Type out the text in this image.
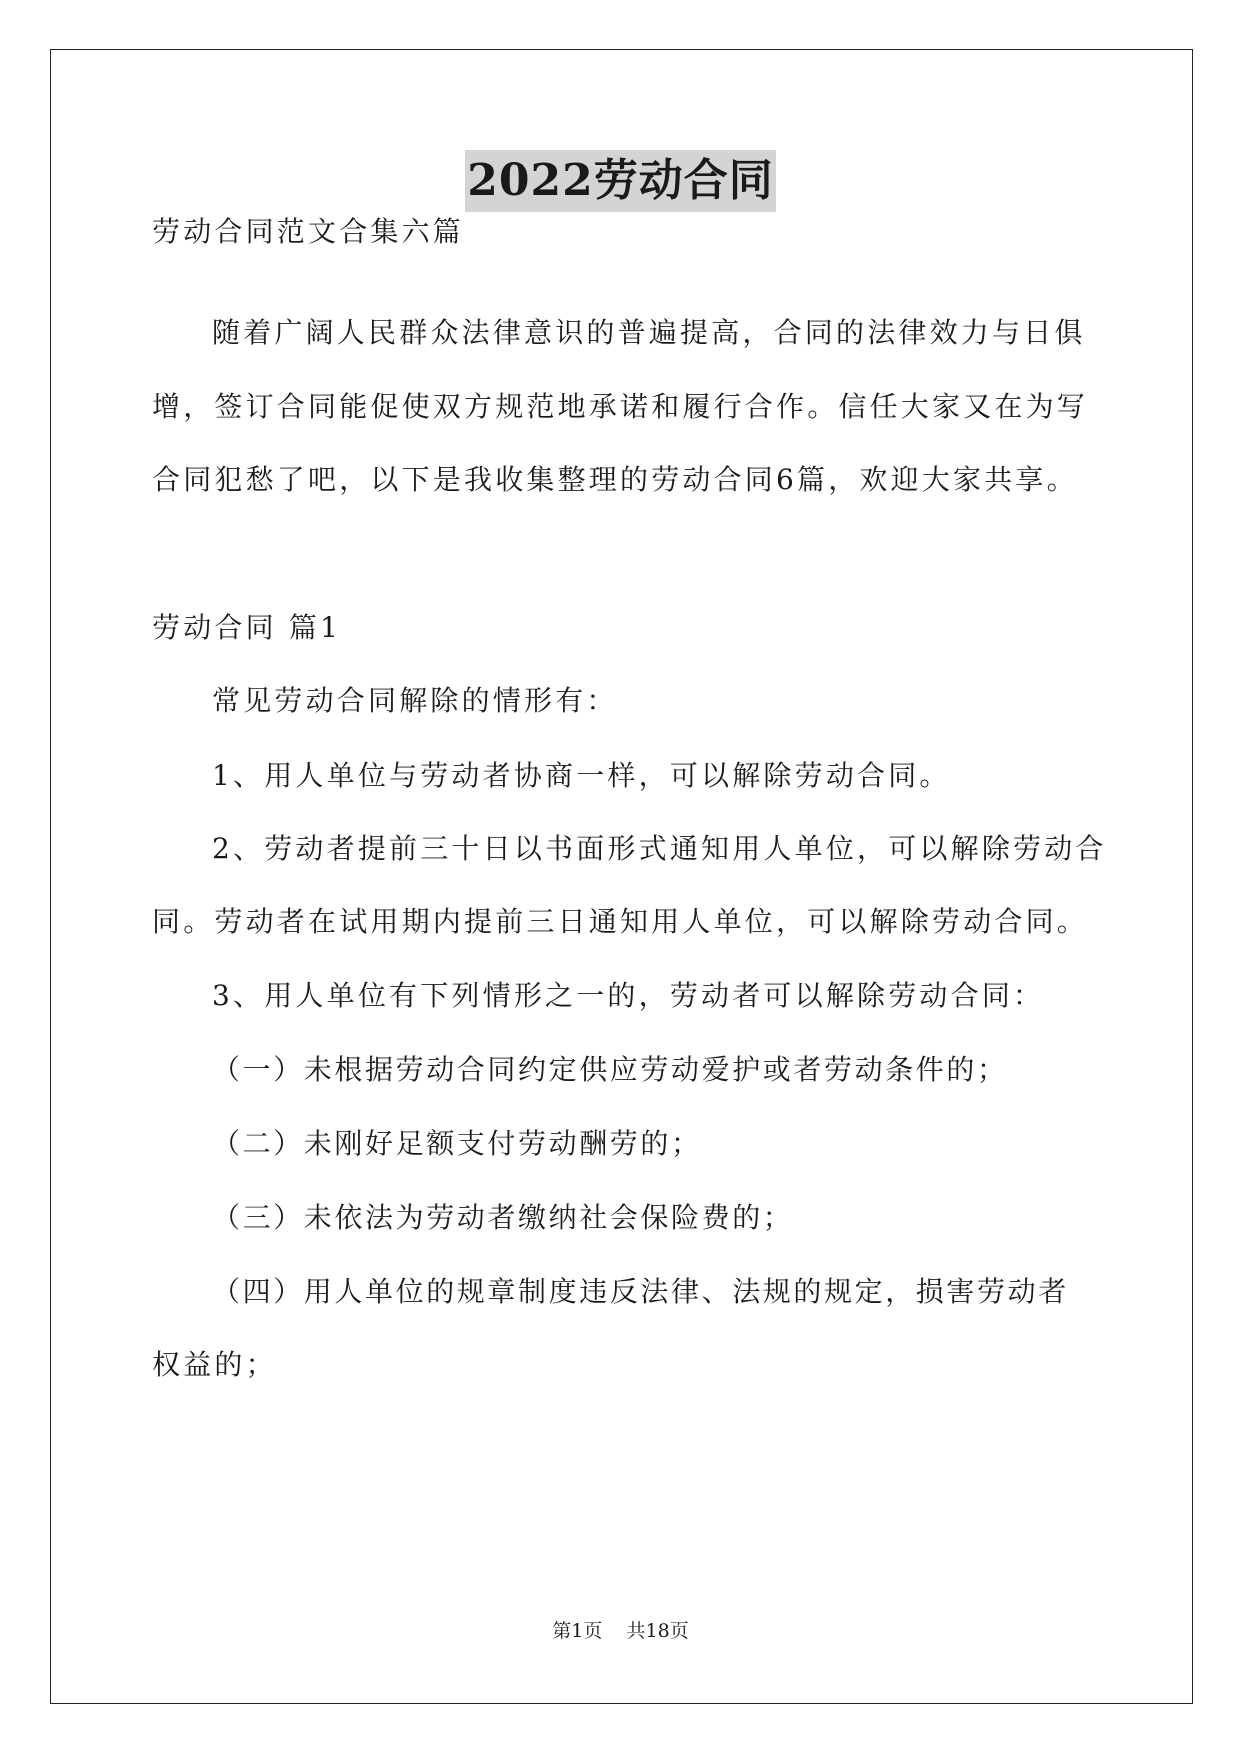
2022劳动合同
劳动合同范文合集六篇
随着广阔人民群众法律意识的普遍提高，合同的法律效力与日俱
增，签订合同能促使双方规范地承诺和履行合作。信任大家又在为写
合同犯愁了吧，以下是我收集整理的劳动合同6篇，欢迎大家共享。
劳动合同 篇1
常见劳动合同解除的情形有：
1、用人单位与劳动者协商一样，可以解除劳动合同。
2、劳动者提前三十日以书面形式通知用人单位，可以解除劳动合
同。劳动者在试用期内提前三日通知用人单位，可以解除劳动合同。
3、用人单位有下列情形之一的，劳动者可以解除劳动合同：
（一）未根据劳动合同约定供应劳动爱护或者劳动条件的；
（二）未刚好足额支付劳动酬劳的；
（三）未依法为劳动者缴纳社会保险费的；
（四）用人单位的规章制度违反法律、法规的规定，损害劳动者
权益的；
第1页 共18页
